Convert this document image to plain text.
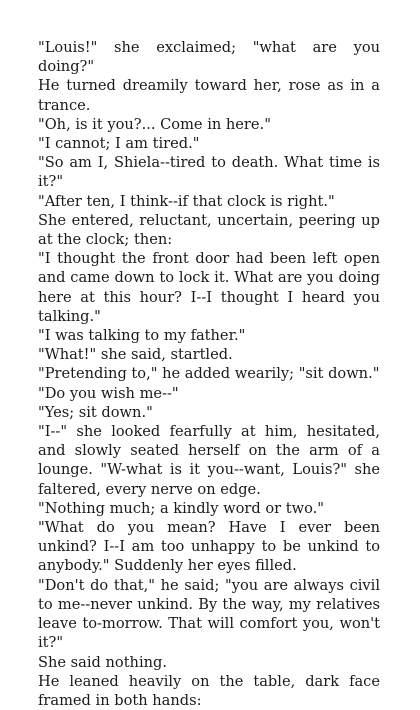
"Louis!" she exclaimed; "what are you doing?"

He turned dreamily toward her, rose as in a trance.

"Oh, is it you?... Come in here."

"I cannot; I am tired."

"So am I, Shiela--tired to death. What time is it?"

"After ten, I think--if that clock is right."

She entered, reluctant, uncertain, peering up at the clock; then:

"I thought the front door had been left open and came down to lock it. What are you doing here at this hour? I--I thought I heard you talking."

"I was talking to my father."

"What!" she said, startled.

"Pretending to," he added wearily; "sit down."

"Do you wish me--"

"Yes; sit down."

"I--" she looked fearfully at him, hesitated, and slowly seated herself on the arm of a lounge. "W-what is it you--want, Louis?" she faltered, every nerve on edge.

"Nothing much; a kindly word or two."

"What do you mean? Have I ever been unkind? I--I am too unhappy to be unkind to anybody." Suddenly her eyes filled.

"Don't do that," he said; "you are always civil to me--never unkind. By the way, my relatives leave to-morrow. That will comfort you, won't it?"

She said nothing.

He leaned heavily on the table, dark face framed in both hands:
